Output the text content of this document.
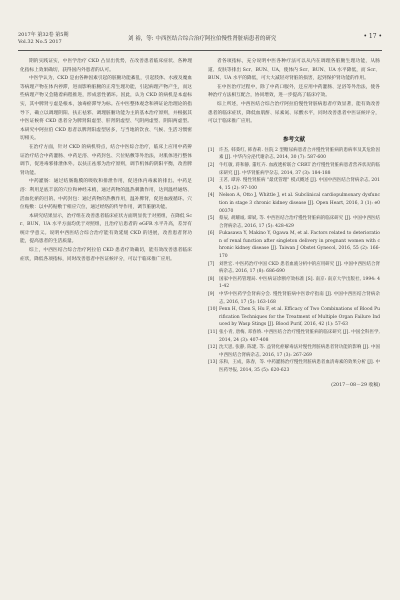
2017年 第32卷 第5期
Vol.32 No.5 2017	刘 裕，等: 中西医结合综合治疗阿拉伯慢性肾脏病患者的研究	• 17 •

期的实践证实，中医学治疗 CKD 凸显出优势，在改善患者临床症状、各种理化指标上效果确切，获得国内外患者的认可。

中医学认为，CKD 是由各种因素引起的脏腑功能紊乱，引起肢体、水液及糜血等病理产物在体内停滞，进而影响脏腑的正常生理功能，引起病理产物产生，而这些病理产物又会随着病程推进，形成恶性循环。因此，认为 CKD 的病机是本虚标实，其中脾肾亏虚是根本，浊毒瘀滞导为标。在中医整体观念和辨证论治理论的指导下，确立以调理阴阳、扶正祛邪、调理脏腑功能为主的基本治疗原则，并根据其中医证候将 CKD 患者分为脾肾阳虚型、肝肾阴虚型、气阴两虚型、阴阳两虚型。本研究中阿拉伯 CKD 患者以脾肾阳虚型居多，与当地的饮食、气候、生活习惯密切相关。

在治疗方面，针对 CKD 的病机特点，结合中医综合治疗，临床上应用中药辨证治疗结合中药灌肠、中药足浴、中药封包、穴位贴敷等外治法，对肌体进行整体调节，促进毒邪排泄体外。以扶正祛邪为治疗原则，调节机体的阴阳平衡，改善脾肾功能。

中药灌肠：通过结肠黏膜的吸收和排泄作用，促进体内毒素的排出。中药足浴：利用足底丰富的穴位和神经末梢，通过药物的温热刺激作用，达到温经通络、活血化瘀的目的。中药封包：通过药物的热敷作用，温补脾肾，促进血液循环。穴位贴敷：以中药贴敷于相应穴位，通过经络的传导作用，调节脏腑功能。

本研究结果显示，治疗组在改善患者临床症状方面明显优于对照组，在降低 Scr、BUN、UA 水平方面均优于对照组，且治疗后患者的 eGFR 水平升高，差异有统计学意义。说明中西医结合综合治疗能有效延缓 CKD 的进展，改善患者肾功能，提高患者的生活质量。

综上，中西医结合综合治疗阿拉伯 CKD 患者疗效确切，能有效改善患者临床症状，降低各项指标，同时改善患者中医证候评分，可以于临床推广应用。

者各项指标，充分说明中医各种疗法可以从内在调理各脏腑生理功能，从肠道、皮肤等排出 Scr、BUN、UA，使体内 Scr、BUN、UA 水平降低，而 Scr、BUN、UA 水平的降低，可大大减轻对肾脏的损害，起到保护肾功能的作用。

在中医治疗过程中，除了中药口服外，还应用中药灌肠、足浴等外治法，使各种治疗方法相互配合，协同增效，进一步提高了临床疗效。

综上所述，中西医结合综合治疗阿拉伯慢性肾脏病患者疗效显著，能有效改善患者的临床症状，降低血肌酐、尿素氮、尿酸水平，同时改善患者中医证候评分，可以于临床推广应用。

参考文献
[1] 许杰, 韩葵红, 韩春莉. 住院 2 型糖尿病患者合并慢性肾脏病的患病率及其危险因素 [J]. 中华内分泌代谢杂志, 2014, 30 (7): 587-600
[2] 牛红敏, 蒋和静, 董红卉. 血液透析联合 CRRT 治疗慢性肾脏病患者营养状况的临床研究 [J]. 中华肾脏病学杂志, 2014, 37 (3): 184-188
[3] 王茗, 谭涛. 慢性肾脏病 "最优管理" 模式概述 [J]. 中国中西医结合肾病杂志, 2014, 15 (2): 97-100
[4] Nelson A, Otto J, Whittle J, et al. Subclinical cardiopulmonary dysfunction in stage 3 chronic kidney disease [J]. Open Heart, 2016, 3 (1): e000370
[5] 蔡辰, 胡耀诚, 谭斌, 等. 中西医结合治疗慢性肾脏病的临床研究 [J]. 中国中西医结合肾病杂志, 2016, 17 (5): 428-429
[6] Fukasawa Y, Makino Y, Ogawa M, et al. Factors related to deterioration of renal function after singleton delivery in pregnant women with chronic kidney disease [J]. Taiwan J Obstet Gynecol, 2016, 55 (2): 166-170
[7] 刘世宏. 中医药治疗中国 CKD 患者血液分析中的应用研究 [J]. 中国中西医结合肾病杂志, 2016, 17 (8): 686-690
[8] 国家中医药管理局. 中医病证诊断疗效标准 [S]. 南京: 南京大学出版社, 1994: 41-42
[9] 中华中医药学会肾病分会. 慢性肾脏病中医诊疗指南 [J]. 中国中西医结合肾病杂志, 2016, 17 (5): 163-168
[10] Fenn H, Chen S, Hu F, et al. Efficacy of Two Combinations of Blood Purification Techniques for the Treatment of Multiple Organ Failure Induced by Wasp Stings [J]. Blood Purif, 2016, 42 (1): 57-63
[11] 张小青, 唐梅, 邓春娇. 中西医结合治疗慢性肾脏病的临床研究 [J]. 中国全科医学, 2014, 24 (3): 407-408
[12] 沈天思, 张静, 陈建, 等. 益肾化瘀解毒法对慢性肾脏病患者肾功能的影响 [J]. 中国中西医结合肾病杂志, 2016, 17 (3): 267-269
[13] 乐和，王成，陈春，等. 中药灌肠治疗慢性肾脏病患者血清毒素的效果分析 [J]. 中医药导报, 2014, 35 (5): 620-623
(2017－08－29 收稿)
